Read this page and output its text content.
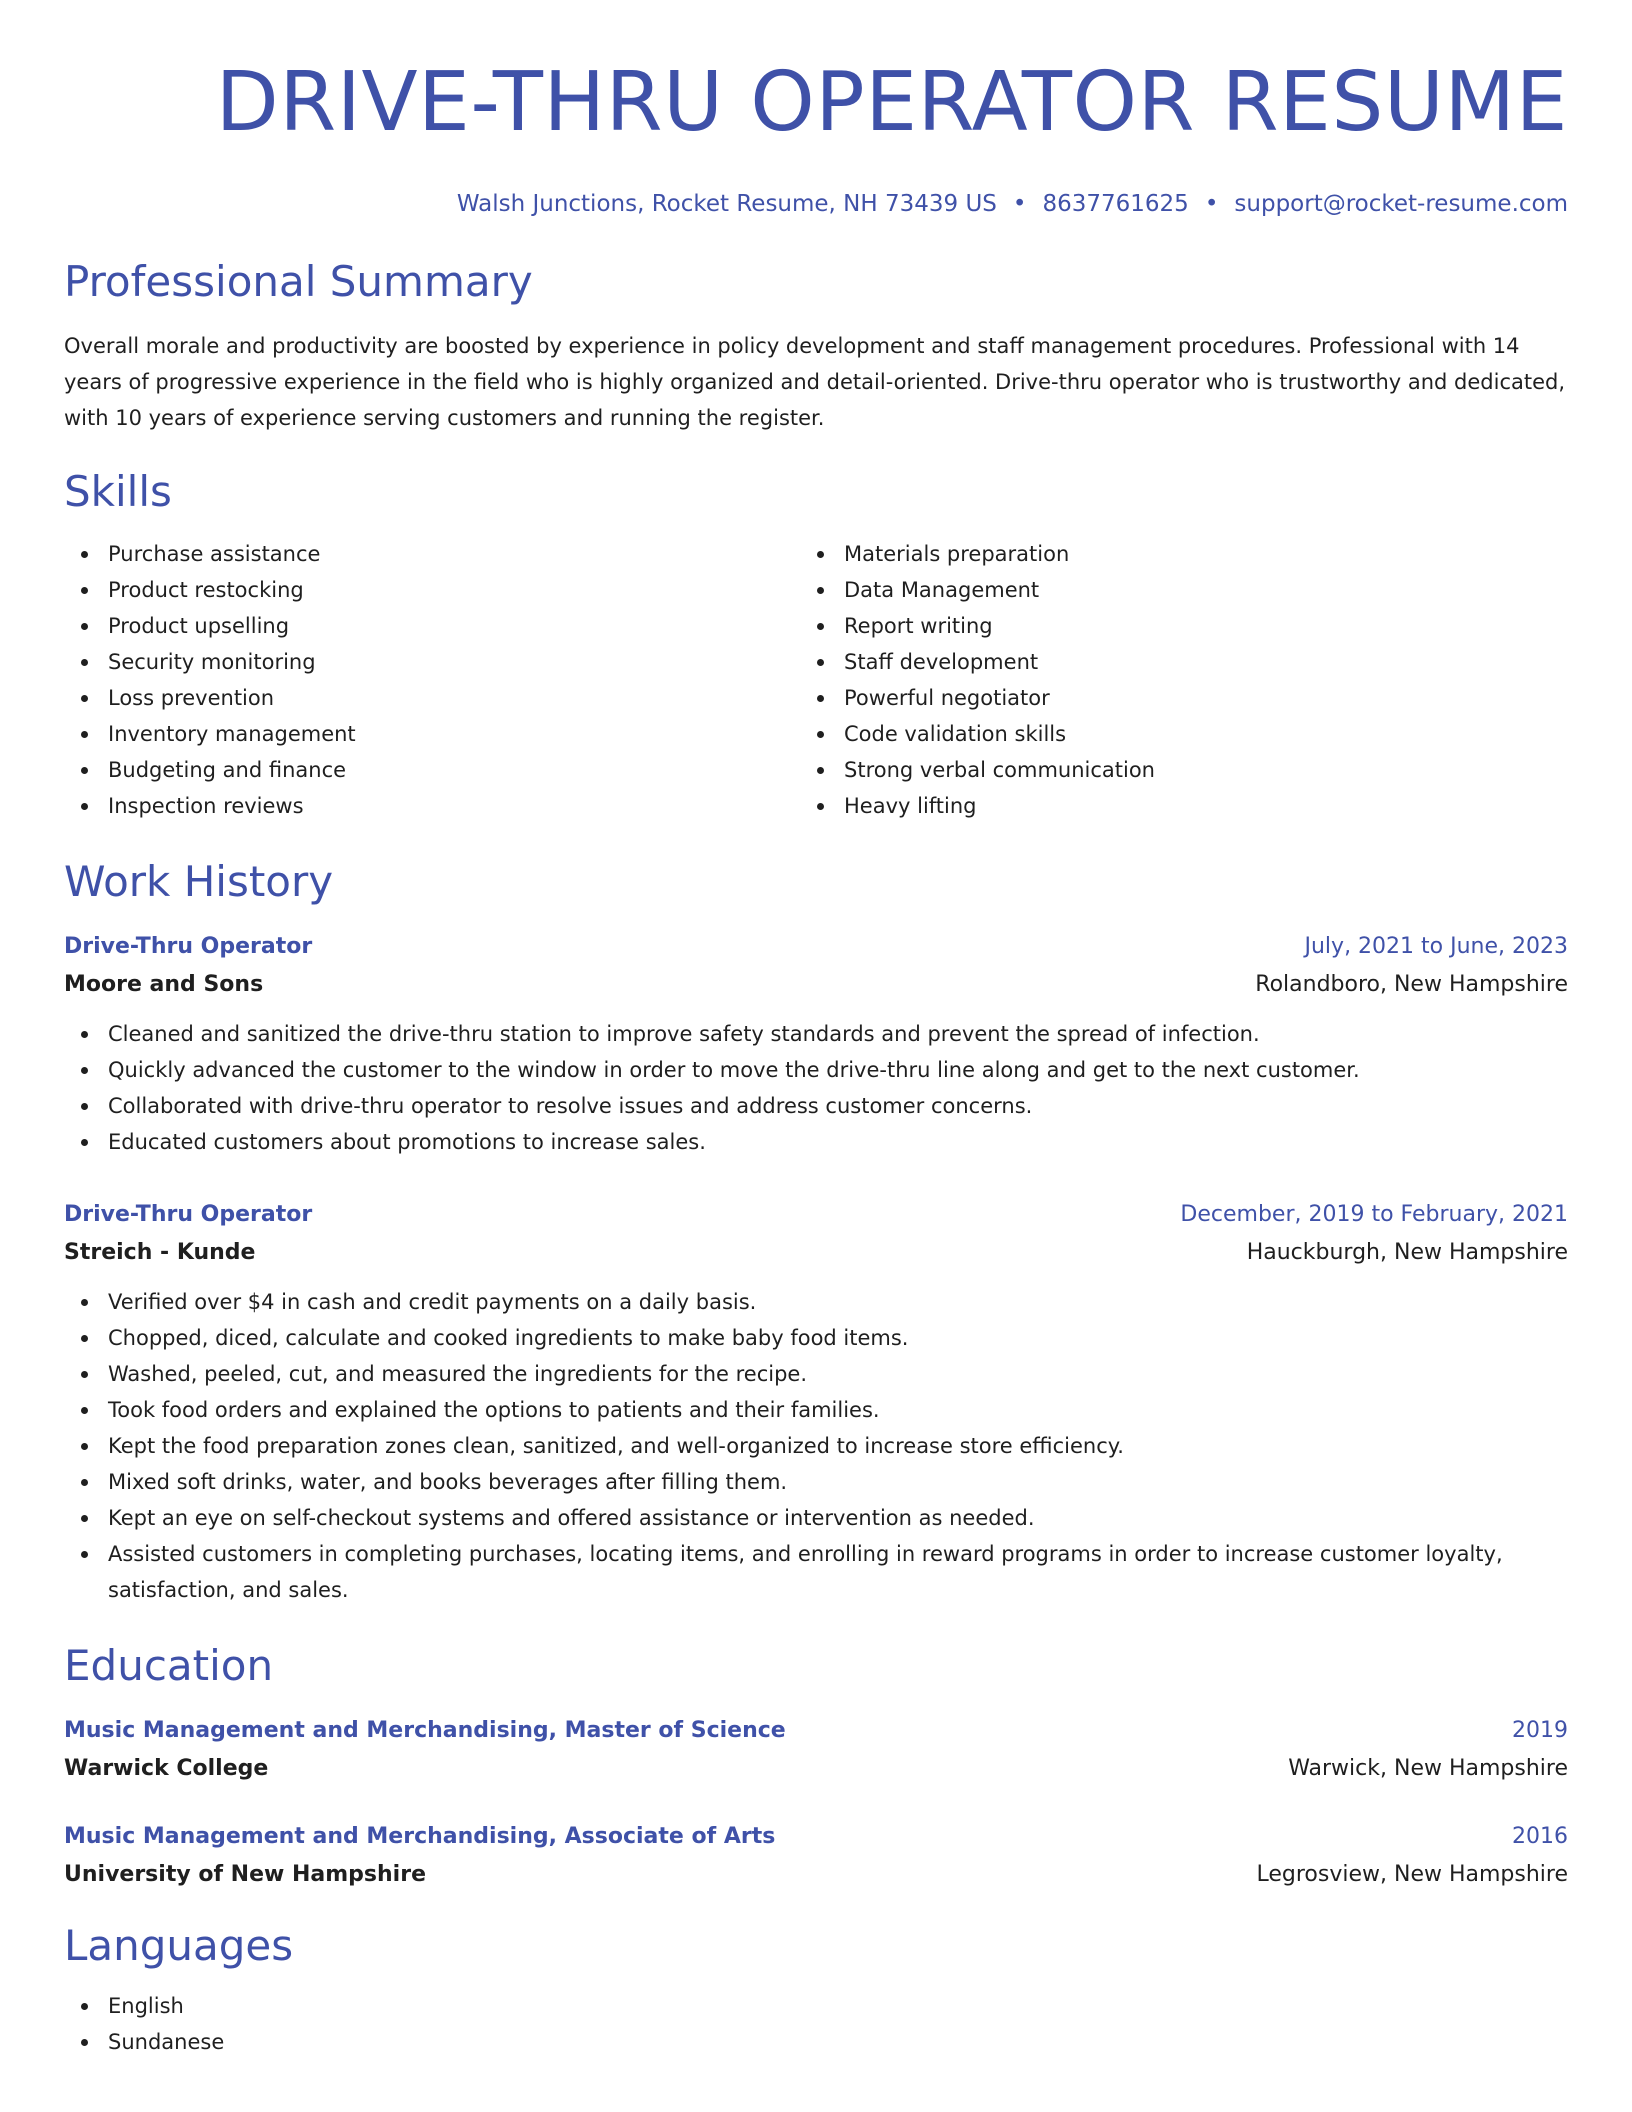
DRIVE-THRU OPERATOR RESUME
Walsh Junctions, Rocket Resume, NH 73439 US • 8637761625 • support@rocket-resume.com
Professional Summary

Overall morale and productivity are boosted by experience in policy development and staff management procedures. Professional with 14 years of progressive experience in the field who is highly organized and detail-oriented. Drive-thru operator who is trustworthy and dedicated, with 10 years of experience serving customers and running the register.

Skills
Purchase assistance
Product restocking
Product upselling
Security monitoring
Loss prevention
Inventory management
Budgeting and finance
Inspection reviews
Materials preparation
Data Management
Report writing
Staff development
Powerful negotiator
Code validation skills
Strong verbal communication
Heavy lifting
Work History
Drive-Thru Operator	July, 2021 to June, 2023
Moore and Sons	Rolandboro, New Hampshire
Cleaned and sanitized the drive-thru station to improve safety standards and prevent the spread of infection.
Quickly advanced the customer to the window in order to move the drive-thru line along and get to the next customer.
Collaborated with drive-thru operator to resolve issues and address customer concerns.
Educated customers about promotions to increase sales.
Drive-Thru Operator	December, 2019 to February, 2021
Streich - Kunde	Hauckburgh, New Hampshire
Verified over $4 in cash and credit payments on a daily basis.
Chopped, diced, calculate and cooked ingredients to make baby food items.
Washed, peeled, cut, and measured the ingredients for the recipe.
Took food orders and explained the options to patients and their families.
Kept the food preparation zones clean, sanitized, and well-organized to increase store efficiency.
Mixed soft drinks, water, and books beverages after filling them.
Kept an eye on self-checkout systems and offered assistance or intervention as needed.
Assisted customers in completing purchases, locating items, and enrolling in reward programs in order to increase customer loyalty, satisfaction, and sales.
Education
Music Management and Merchandising, Master of Science	2019
Warwick College	Warwick, New Hampshire
Music Management and Merchandising, Associate of Arts	2016
University of New Hampshire	Legrosview, New Hampshire
Languages
English
Sundanese
